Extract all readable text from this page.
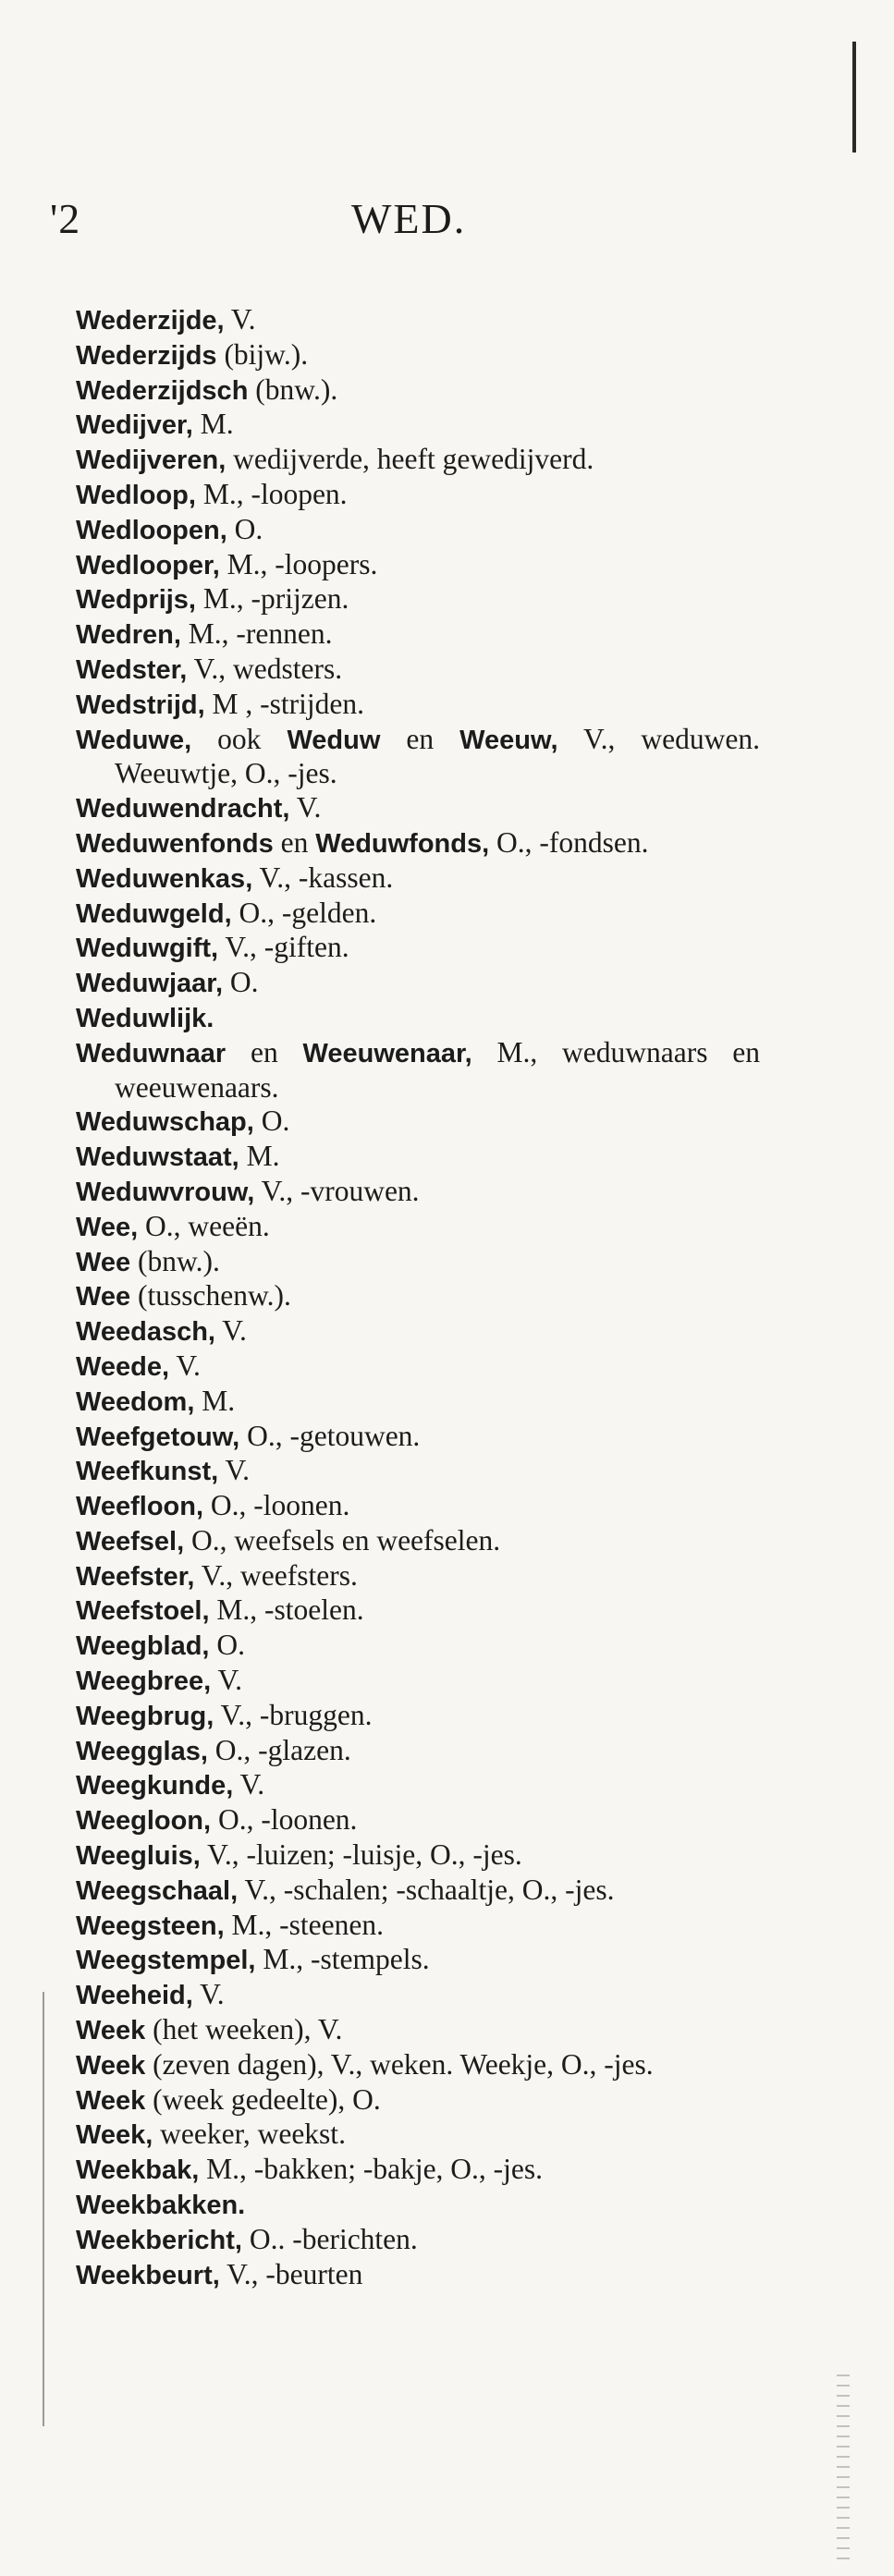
'2	WED.
Wederzijde, V.
Wederzijds (bijw.).
Wederzijdsch (bnw.).
Wedijver, M.
Wedijveren, wedijverde, heeft gewedijverd.
Wedloop, M., -loopen.
Wedloopen, O.
Wedlooper, M., -loopers.
Wedprijs, M., -prijzen.
Wedren, M., -rennen.
Wedster, V., wedsters.
Wedstrijd, M , -strijden.
Weduwe, ook Weduw en Weeuw, V., weduwen. Weeuwtje, O., -jes.
Weduwendracht, V.
Weduwenfonds en Weduwfonds, O., -fondsen.
Weduwenkas, V., -kassen.
Weduwgeld, O., -gelden.
Weduwgift, V., -giften.
Weduwjaar, O.
Weduwlijk.
Weduwnaar en Weeuwenaar, M., weduwnaars en weeuwenaars.
Weduwschap, O.
Weduwstaat, M.
Weduwvrouw, V., -vrouwen.
Wee, O., weeën.
Wee (bnw.).
Wee (tusschenw.).
Weedasch, V.
Weede, V.
Weedom, M.
Weefgetouw, O., -getouwen.
Weefkunst, V.
Weefloon, O., -loonen.
Weefsel, O., weefsels en weefselen.
Weefster, V., weefsters.
Weefstoel, M., -stoelen.
Weegblad, O.
Weegbree, V.
Weegbrug, V., -bruggen.
Weegglas, O., -glazen.
Weegkunde, V.
Weegloon, O., -loonen.
Weegluis, V., -luizen; -luisje, O., -jes.
Weegschaal, V., -schalen; -schaaltje, O., -jes.
Weegsteen, M., -steenen.
Weegstempel, M., -stempels.
Weeheid, V.
Week (het weeken), V.
Week (zeven dagen), V., weken. Weekje, O., -jes.
Week (week gedeelte), O.
Week, weeker, weekst.
Weekbak, M., -bakken; -bakje, O., -jes.
Weekbakken.
Weekbericht, O.. -berichten.
Weekbeurt, V., -beurten
